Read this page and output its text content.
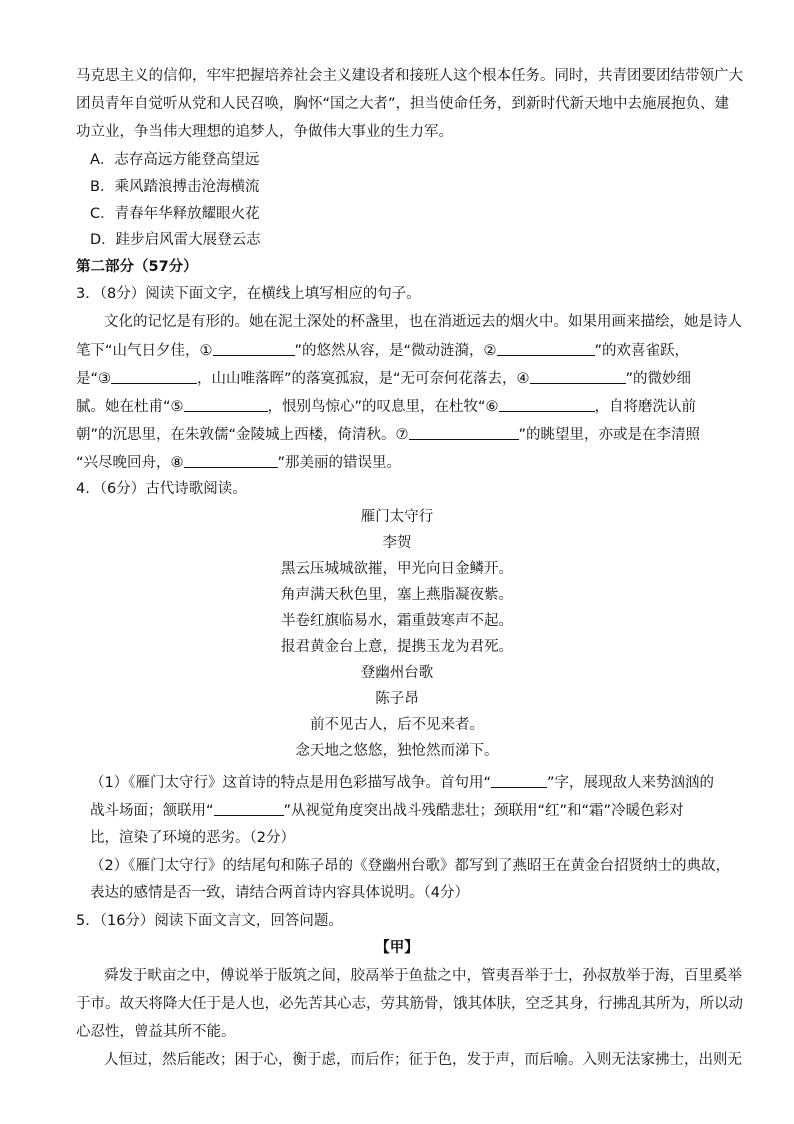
马克思主义的信仰，牢牢把握培养社会主义建设者和接班人这个根本任务。同时，共青团要团结带领广大
团员青年自觉听从党和人民召唤，胸怀“国之大者”，担当使命任务，到新时代新天地中去施展抱负、建
功立业，争当伟大理想的追梦人，争做伟大事业的生力军。
A．志存高远方能登高望远
B．乘风踏浪搏击沧海横流
C．青春年华释放耀眼火花
D．跬步启风雷大展登云志
第二部分（57分）
3．（8分）阅读下面文字，在横线上填写相应的句子。
文化的记忆是有形的。她在泥土深处的杯盏里，也在消逝远去的烟火中。如果用画来描绘，她是诗人
笔下“山气日夕佳，①	”的悠然从容，是“微动涟漪，②	”的欢喜雀跃，
是“③	，山山唯落晖”的落寞孤寂，是“无可奈何花落去，④	”的微妙细
腻。她在杜甫“⑤	，恨别鸟惊心”的叹息里，在杜牧“⑥	，自将磨洗认前
朝”的沉思里，在朱敦儒“金陵城上西楼，倚清秋。⑦	”的眺望里，亦或是在李清照
“兴尽晚回舟，⑧	”那美丽的错误里。
4．（6分）古代诗歌阅读。
雁门太守行
李贺
黑云压城城欲摧，甲光向日金鳞开。
角声满天秋色里，塞上燕脂凝夜紫。
半卷红旗临易水，霜重鼓寒声不起。
报君黄金台上意，提携玉龙为君死。
登幽州台歌
陈子昂
前不见古人，后不见来者。
念天地之悠悠，独怆然而涕下。
（1）《雁门太守行》这首诗的特点是用色彩描写战争。首句用“	”字，展现敌人来势汹汹的
战斗场面；颔联用“	”从视觉角度突出战斗残酷悲壮；颈联用“红”和“霜”冷暖色彩对
比，渲染了环境的恶劣。（2分）
（2）《雁门太守行》的结尾句和陈子昂的《登幽州台歌》都写到了燕昭王在黄金台招贤纳士的典故，
表达的感情是否一致，请结合两首诗内容具体说明。（4分）
5．（16分）阅读下面文言文，回答问题。
【甲】
舜发于畎亩之中，傅说举于版筑之间，胶鬲举于鱼盐之中，管夷吾举于士，孙叔敖举于海，百里奚举
于市。故天将降大任于是人也，必先苦其心志，劳其筋骨，饿其体肤，空乏其身，行拂乱其所为，所以动
心忍性，曾益其所不能。
人恒过，然后能改；困于心，衡于虑，而后作；征于色，发于声，而后喻。入则无法家拂士，出则无
